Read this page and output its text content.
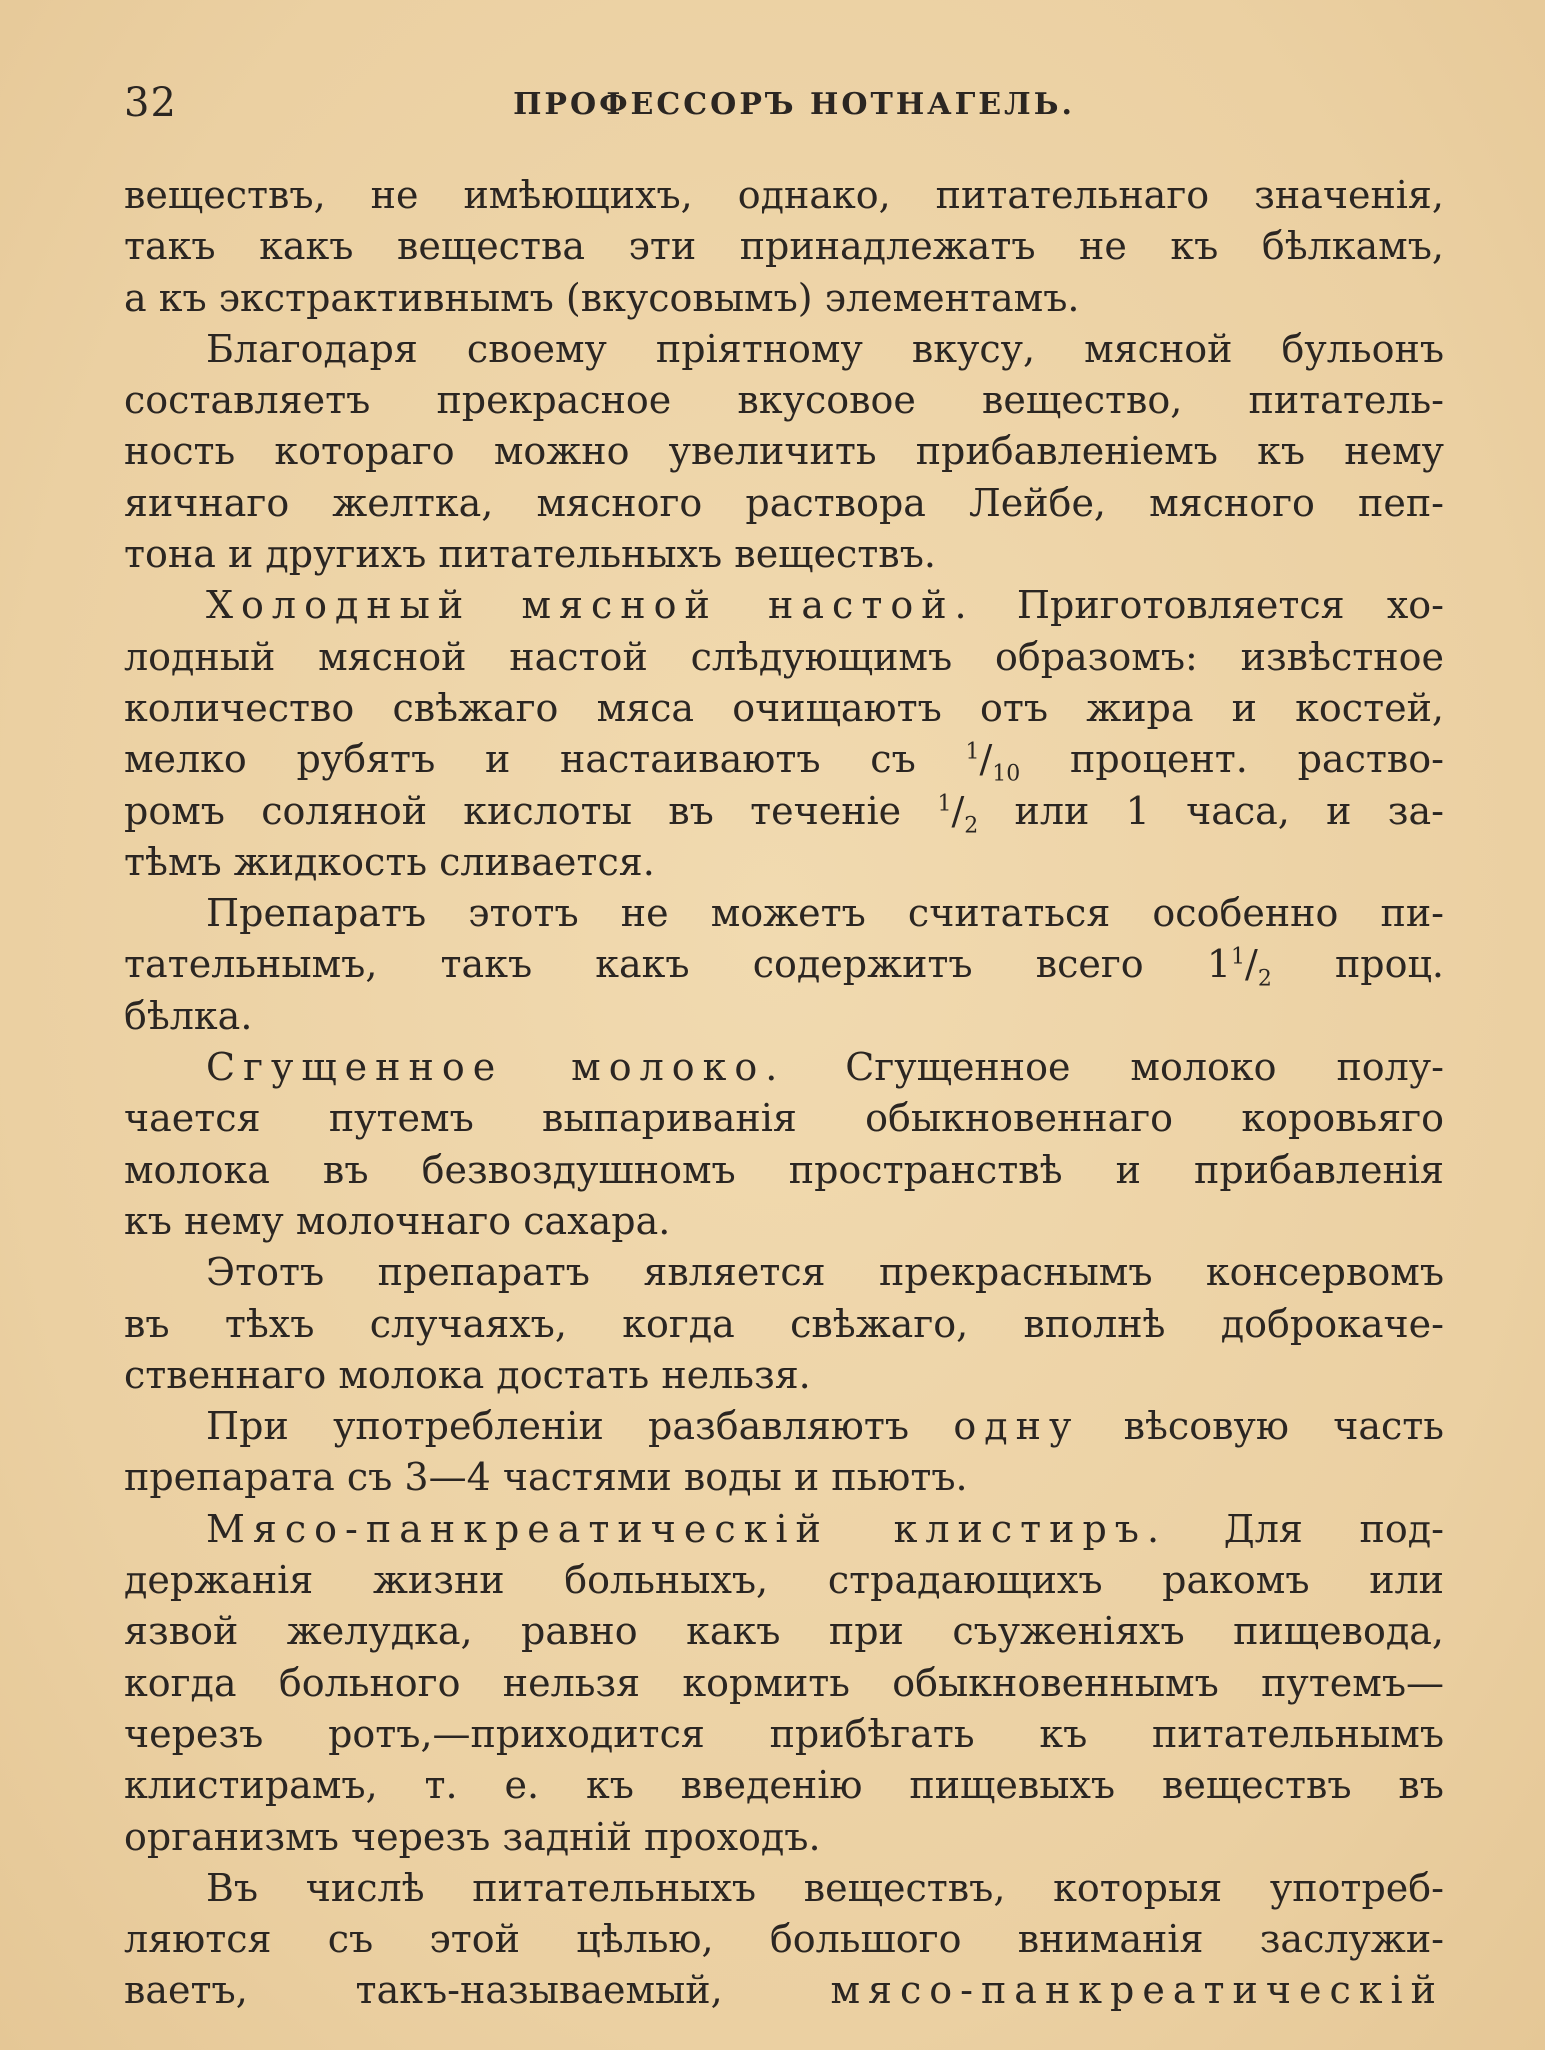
32	ПРОФЕССОРЪ НОТНАГЕЛЬ.
веществъ, не имѣющихъ, однако, питательнаго значенія,
такъ какъ вещества эти принадлежатъ не къ бѣлкамъ,
а къ экстрактивнымъ (вкусовымъ) элементамъ.
Благодаря своему пріятному вкусу, мясной бульонъ
составляетъ прекрасное вкусовое вещество, питатель-
ность котораго можно увеличить прибавленіемъ къ нему
яичнаго желтка, мясного раствора Лейбе, мясного пеп-
тона и другихъ питательныхъ веществъ.
Холодный мясной настой. Приготовляется хо-
лодный мясной настой слѣдующимъ образомъ: извѣстное
количество свѣжаго мяса очищаютъ отъ жира и костей,
мелко рубятъ и настаиваютъ съ $^1/_{10}$ процент. раство-
ромъ соляной кислоты въ теченіе $^1/_2$ или 1 часа, и за-
тѣмъ жидкость сливается.
Препаратъ этотъ не можетъ считаться особенно пи-
тательнымъ, такъ какъ содержитъ всего $1^1/_2$ проц.
бѣлка.
Сгущенное молоко. Сгущенное молоко полу-
чается путемъ выпариванія обыкновеннаго коровьяго
молока въ безвоздушномъ пространствѣ и прибавленія
къ нему молочнаго сахара.
Этотъ препаратъ является прекраснымъ консервомъ
въ тѣхъ случаяхъ, когда свѣжаго, вполнѣ доброкаче-
ственнаго молока достать нельзя.
При употребленіи разбавляютъ одну вѣсовую часть
препарата съ 3—4 частями воды и пьютъ.
Мясо-панкреатическій клистиръ. Для под-
держанія жизни больныхъ, страдающихъ ракомъ или
язвой желудка, равно какъ при съуженіяхъ пищевода,
когда больного нельзя кормить обыкновеннымъ путемъ—
черезъ ротъ,—приходится прибѣгать къ питательнымъ
клистирамъ, т. е. къ введенію пищевыхъ веществъ въ
организмъ черезъ задній проходъ.
Въ числѣ питательныхъ веществъ, которыя употреб-
ляются съ этой цѣлью, большого вниманія заслужи-
ваетъ, такъ-называемый,	мясо-панкреатическій
